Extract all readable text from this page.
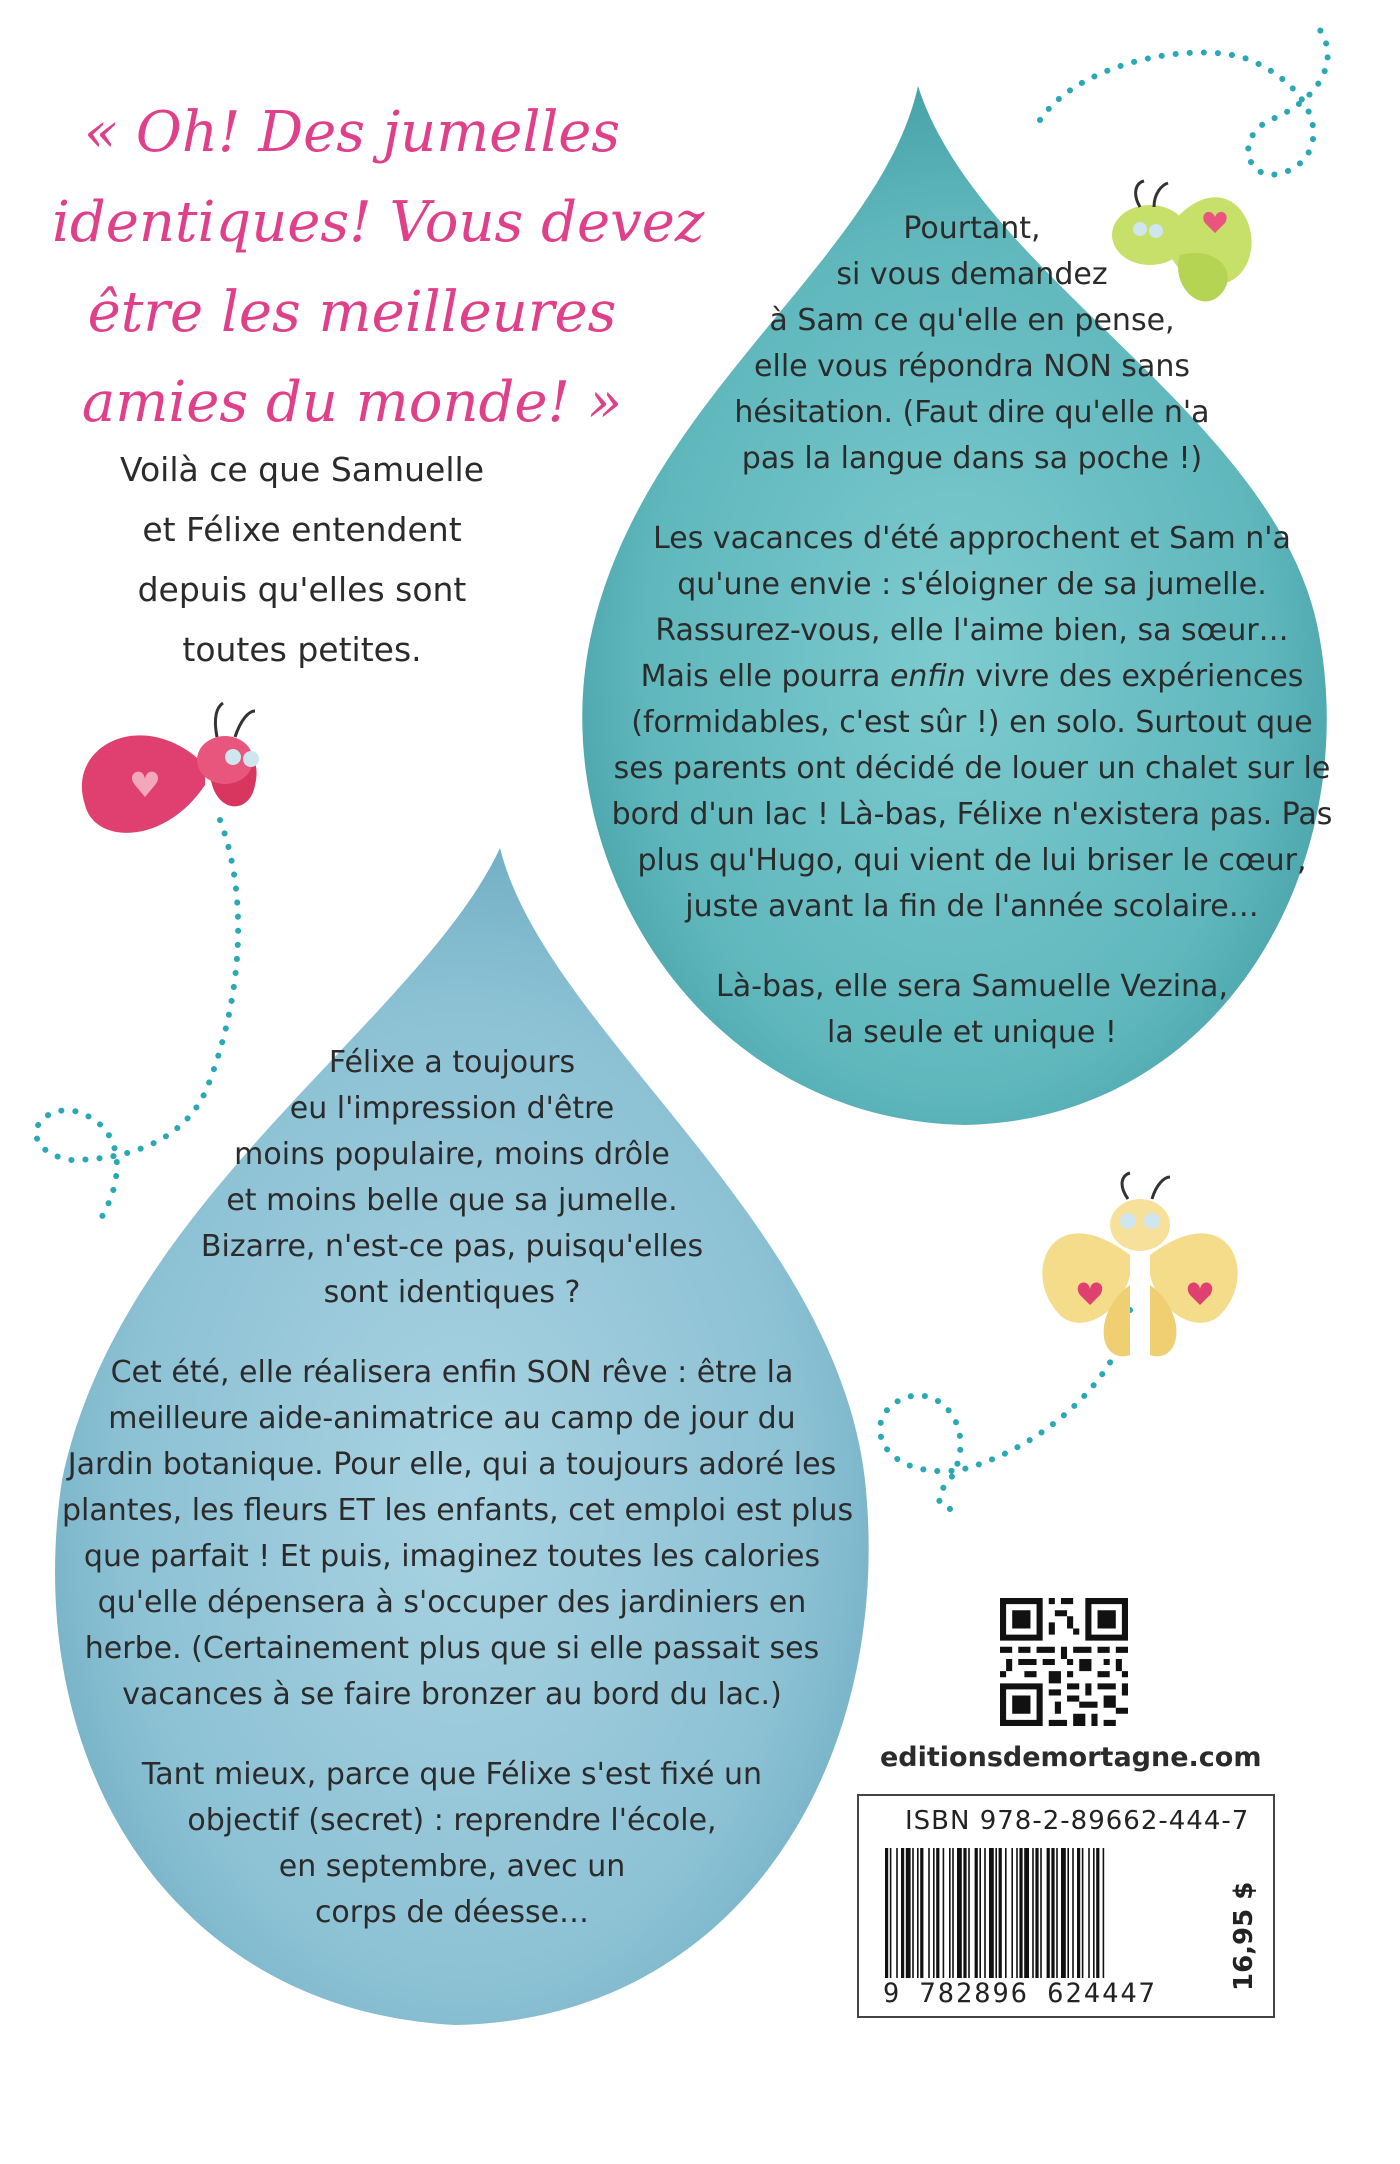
« Oh! Des jumelles
identiques! Vous devez
être les meilleures
amies du monde! »
Voilà ce que Samuelle
et Félixe entendent
depuis qu'elles sont
toutes petites.

Pourtant,
si vous demandez
à Sam ce qu'elle en pense,
elle vous répondra NON sans
hésitation. (Faut dire qu'elle n'a
pas la langue dans sa poche !)

Les vacances d'été approchent et Sam n'a
qu'une envie : s'éloigner de sa jumelle.
Rassurez-vous, elle l'aime bien, sa sœur…
Mais elle pourra enfin vivre des expériences
(formidables, c'est sûr !) en solo. Surtout que
ses parents ont décidé de louer un chalet sur le
bord d'un lac ! Là-bas, Félixe n'existera pas. Pas
plus qu'Hugo, qui vient de lui briser le cœur,
juste avant la fin de l'année scolaire…

Là-bas, elle sera Samuelle Vezina,
la seule et unique !

Félixe a toujours
eu l'impression d'être
moins populaire, moins drôle
et moins belle que sa jumelle.
Bizarre, n'est-ce pas, puisqu'elles
sont identiques ?

Cet été, elle réalisera enfin SON rêve : être la
meilleure aide-animatrice au camp de jour du
Jardin botanique. Pour elle, qui a toujours adoré les
plantes, les fleurs ET les enfants, cet emploi est plus
que parfait ! Et puis, imaginez toutes les calories
qu'elle dépensera à s'occuper des jardiniers en
herbe. (Certainement plus que si elle passait ses
vacances à se faire bronzer au bord du lac.)

Tant mieux, parce que Félixe s'est fixé un
objectif (secret) : reprendre l'école,
en septembre, avec un
corps de déesse…

editionsdemortagne.com
ISBN 978-2-89662-444-7
9 782896 624447
16,95 $
